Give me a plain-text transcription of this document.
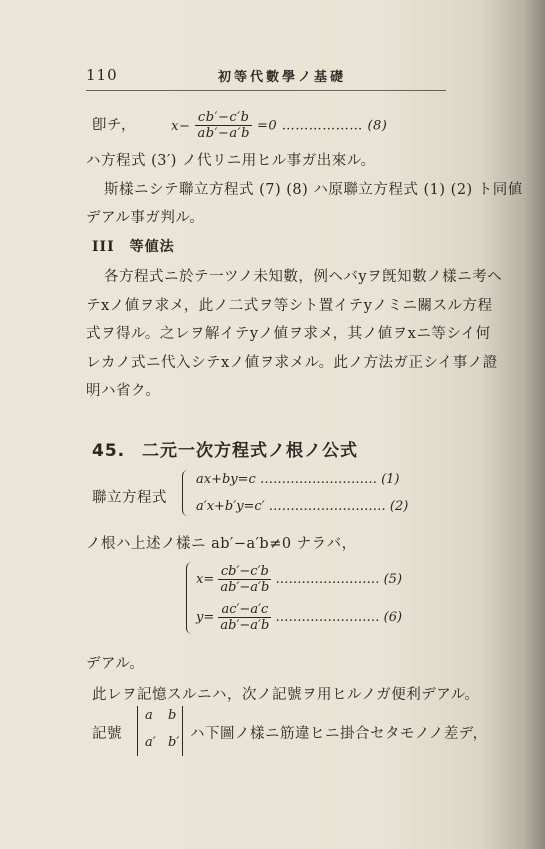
110	初等代數學ノ基礎
卽チ，	$x- \frac{cb'-c'b}{ab'-a'b} =0$ ……………… (8)
ハ方程式 (3′) ノ代リニ用ヒル事ガ出來ル。
斯樣ニシテ聯立方程式 (7) (8) ハ原聯立方程式 (1) (2) ト同値
デアル事ガ判ル。
III　等値法
各方程式ニ於テ一ツノ未知數，例ヘバyヲ旣知數ノ樣ニ考ヘ
テxノ値ヲ求メ，此ノ二式ヲ等シト置イテyノミニ關スル方程
式ヲ得ル。之レヲ解イテyノ値ヲ求メ，其ノ値ヲxニ等シイ何
レカノ式ニ代入シテxノ値ヲ求メル。此ノ方法ガ正シイ事ノ證
明ハ省ク。
45. 二元一次方程式ノ根ノ公式
聯立方程式
ax+by=c ……………………… (1)
a′x+b′y=c′ ……………………… (2)
ノ根ハ上述ノ樣ニ ab′−a′b≠0 ナラバ，
$x= \frac{cb'-c'b}{ab'-a'b}$ …………………… (5)
$y= \frac{ac'-a'c}{ab'-a'b}$ …………………… (6)
デアル。
此レヲ記憶スルニハ，次ノ記號ヲ用ヒルノガ便利デアル。
記號
a b
a′ b′
ハ下圖ノ樣ニ筋違ヒニ掛合セタモノノ差デ，
